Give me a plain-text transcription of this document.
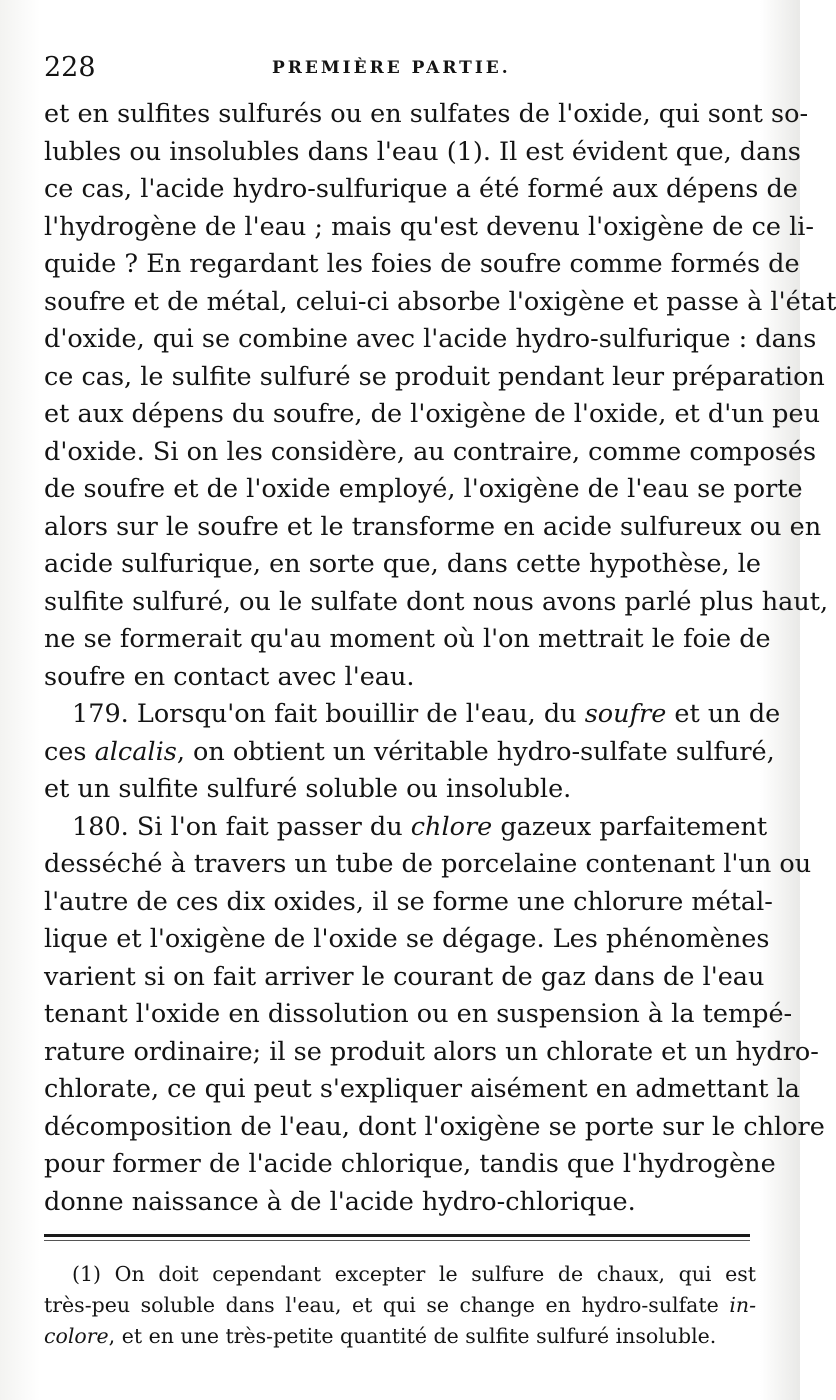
228	PREMIÈRE PARTIE.
et en sulfites sulfurés ou en sulfates de l'oxide, qui sont so-
lubles ou insolubles dans l'eau (1). Il est évident que, dans
ce cas, l'acide hydro-sulfurique a été formé aux dépens de
l'hydrogène de l'eau ; mais qu'est devenu l'oxigène de ce li-
quide ? En regardant les foies de soufre comme formés de
soufre et de métal, celui-ci absorbe l'oxigène et passe à l'état
d'oxide, qui se combine avec l'acide hydro-sulfurique : dans
ce cas, le sulfite sulfuré se produit pendant leur préparation
et aux dépens du soufre, de l'oxigène de l'oxide, et d'un peu
d'oxide. Si on les considère, au contraire, comme composés
de soufre et de l'oxide employé, l'oxigène de l'eau se porte
alors sur le soufre et le transforme en acide sulfureux ou en
acide sulfurique, en sorte que, dans cette hypothèse, le
sulfite sulfuré, ou le sulfate dont nous avons parlé plus haut,
ne se formerait qu'au moment où l'on mettrait le foie de
soufre en contact avec l'eau.
179. Lorsqu'on fait bouillir de l'eau, du soufre et un de
ces alcalis, on obtient un véritable hydro-sulfate sulfuré,
et un sulfite sulfuré soluble ou insoluble.
180. Si l'on fait passer du chlore gazeux parfaitement
desséché à travers un tube de porcelaine contenant l'un ou
l'autre de ces dix oxides, il se forme une chlorure métal-
lique et l'oxigène de l'oxide se dégage. Les phénomènes
varient si on fait arriver le courant de gaz dans de l'eau
tenant l'oxide en dissolution ou en suspension à la tempé-
rature ordinaire; il se produit alors un chlorate et un hydro-
chlorate, ce qui peut s'expliquer aisément en admettant la
décomposition de l'eau, dont l'oxigène se porte sur le chlore
pour former de l'acide chlorique, tandis que l'hydrogène
donne naissance à de l'acide hydro-chlorique.
(1) On doit cependant excepter le sulfure de chaux, qui est
très-peu soluble dans l'eau, et qui se change en hydro-sulfate in-
colore, et en une très-petite quantité de sulfite sulfuré insoluble.
